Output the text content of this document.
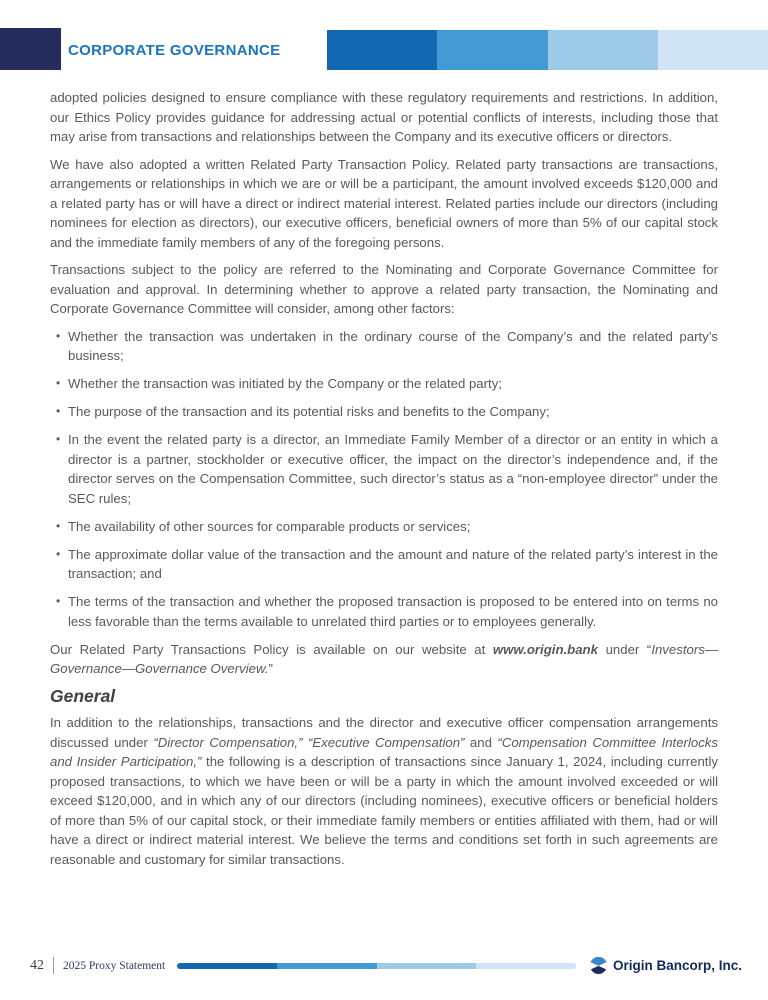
CORPORATE GOVERNANCE

adopted policies designed to ensure compliance with these regulatory requirements and restrictions. In addition, our Ethics Policy provides guidance for addressing actual or potential conflicts of interests, including those that may arise from transactions and relationships between the Company and its executive officers or directors.

We have also adopted a written Related Party Transaction Policy. Related party transactions are transactions, arrangements or relationships in which we are or will be a participant, the amount involved exceeds $120,000 and a related party has or will have a direct or indirect material interest. Related parties include our directors (including nominees for election as directors), our executive officers, beneficial owners of more than 5% of our capital stock and the immediate family members of any of the foregoing persons.

Transactions subject to the policy are referred to the Nominating and Corporate Governance Committee for evaluation and approval. In determining whether to approve a related party transaction, the Nominating and Corporate Governance Committee will consider, among other factors:

• Whether the transaction was undertaken in the ordinary course of the Company’s and the related party’s business;
• Whether the transaction was initiated by the Company or the related party;
• The purpose of the transaction and its potential risks and benefits to the Company;
• In the event the related party is a director, an Immediate Family Member of a director or an entity in which a director is a partner, stockholder or executive officer, the impact on the director’s independence and, if the director serves on the Compensation Committee, such director’s status as a “non-employee director” under the SEC rules;
• The availability of other sources for comparable products or services;
• The approximate dollar value of the transaction and the amount and nature of the related party’s interest in the transaction; and
• The terms of the transaction and whether the proposed transaction is proposed to be entered into on terms no less favorable than the terms available to unrelated third parties or to employees generally.

Our Related Party Transactions Policy is available on our website at www.origin.bank under “Investors—Governance—Governance Overview.”

General

In addition to the relationships, transactions and the director and executive officer compensation arrangements discussed under “Director Compensation,” “Executive Compensation” and “Compensation Committee Interlocks and Insider Participation,” the following is a description of transactions since January 1, 2024, including currently proposed transactions, to which we have been or will be a party in which the amount involved exceeded or will exceed $120,000, and in which any of our directors (including nominees), executive officers or beneficial holders of more than 5% of our capital stock, or their immediate family members or entities affiliated with them, had or will have a direct or indirect material interest. We believe the terms and conditions set forth in such agreements are reasonable and customary for similar transactions.

42 2025 Proxy Statement	Origin Bancorp, Inc.
